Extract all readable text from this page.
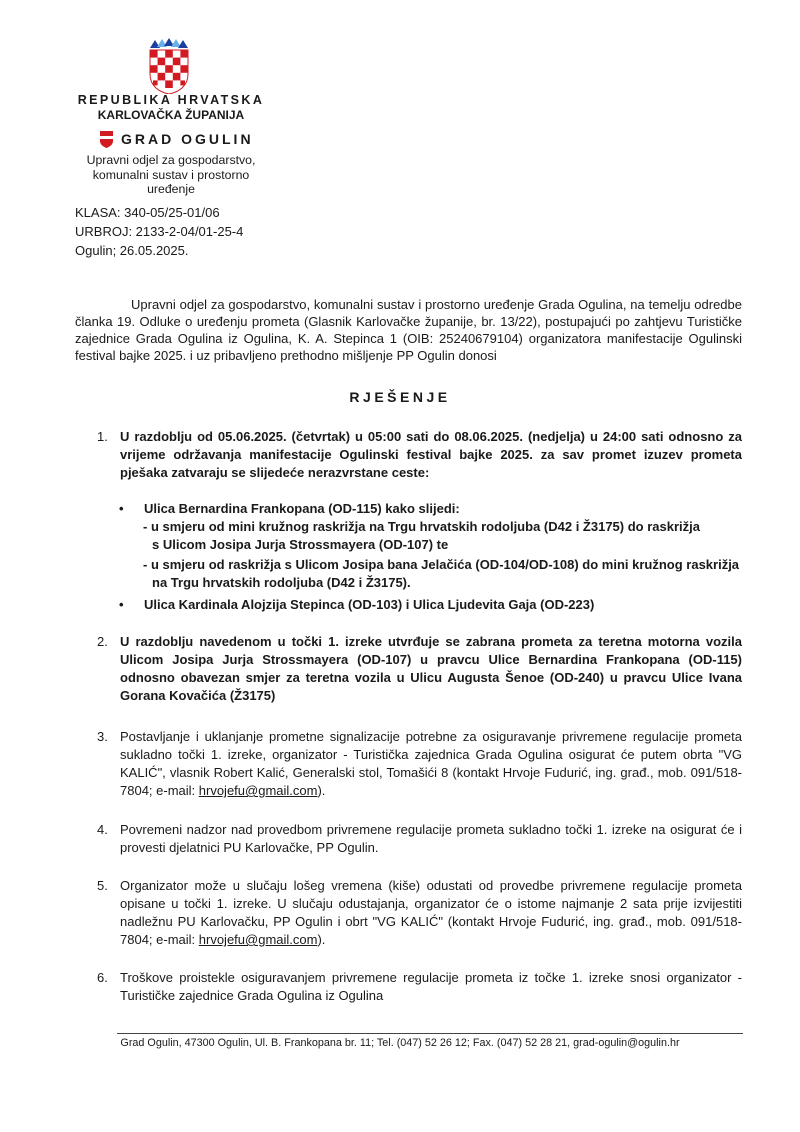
REPUBLIKA HRVATSKA
KARLOVAČKA ŽUPANIJA
GRAD OGULIN
Upravni odjel za gospodarstvo,
komunalni sustav i prostorno uređenje
KLASA: 340-05/25-01/06
URBROJ: 2133-2-04/01-25-4
Ogulin; 26.05.2025.

Upravni odjel za gospodarstvo, komunalni sustav i prostorno uređenje Grada Ogulina, na temelju odredbe članka 19. Odluke o uređenju prometa (Glasnik Karlovačke županije, br. 13/22), postupajući po zahtjevu Turističke zajednice Grada Ogulina iz Ogulina, K. A. Stepinca 1 (OIB: 25240679104) organizatora manifestacije Ogulinski festival bajke 2025. i uz pribavljeno prethodno mišljenje PP Ogulin donosi

RJEŠENJE
1. U razdoblju od 05.06.2025. (četvrtak) u 05:00 sati do 08.06.2025. (nedjelja) u 24:00 sati odnosno za vrijeme održavanja manifestacije Ogulinski festival bajke 2025. za sav promet izuzev prometa pješaka zatvaraju se slijedeće nerazvrstane ceste:
• Ulica Bernardina Frankopana (OD-115) kako slijedi:
- u smjeru od mini kružnog raskrižja na Trgu hrvatskih rodoljuba (D42 i Ž3175) do raskrižja
s Ulicom Josipa Jurja Strossmayera (OD-107) te
- u smjeru od raskrižja s Ulicom Josipa bana Jelačića (OD-104/OD-108) do mini kružnog raskrižja
na Trgu hrvatskih rodoljuba (D42 i Ž3175).
• Ulica Kardinala Alojzija Stepinca (OD-103) i Ulica Ljudevita Gaja (OD-223)
2. U razdoblju navedenom u točki 1. izreke utvrđuje se zabrana prometa za teretna motorna vozila Ulicom Josipa Jurja Strossmayera (OD-107) u pravcu Ulice Bernardina Frankopana (OD-115) odnosno obavezan smjer za teretna vozila u Ulicu Augusta Šenoe (OD-240) u pravcu Ulice Ivana Gorana Kovačića (Ž3175)
3. Postavljanje i uklanjanje prometne signalizacije potrebne za osiguravanje privremene regulacije prometa sukladno točki 1. izreke, organizator - Turistička zajednica Grada Ogulina osigurat će putem obrta "VG KALIĆ", vlasnik Robert Kalić, Generalski stol, Tomašići 8 (kontakt Hrvoje Fudurić, ing. građ., mob. 091/518-7804; e-mail: hrvojefu@gmail.com).
4. Povremeni nadzor nad provedbom privremene regulacije prometa sukladno točki 1. izreke na osigurat će i provesti djelatnici PU Karlovačke, PP Ogulin.
5. Organizator može u slučaju lošeg vremena (kiše) odustati od provedbe privremene regulacije prometa opisane u točki 1. izreke. U slučaju odustajanja, organizator će o istome najmanje 2 sata prije izvijestiti nadležnu PU Karlovačku, PP Ogulin i obrt "VG KALIĆ" (kontakt Hrvoje Fudurić, ing. građ., mob. 091/518-7804; e-mail: hrvojefu@gmail.com).
6. Troškove proistekle osiguravanjem privremene regulacije prometa iz točke 1. izreke snosi organizator - Turističke zajednice Grada Ogulina iz Ogulina
Grad Ogulin, 47300 Ogulin, Ul. B. Frankopana br. 11; Tel. (047) 52 26 12; Fax. (047) 52 28 21, grad-ogulin@ogulin.hr
